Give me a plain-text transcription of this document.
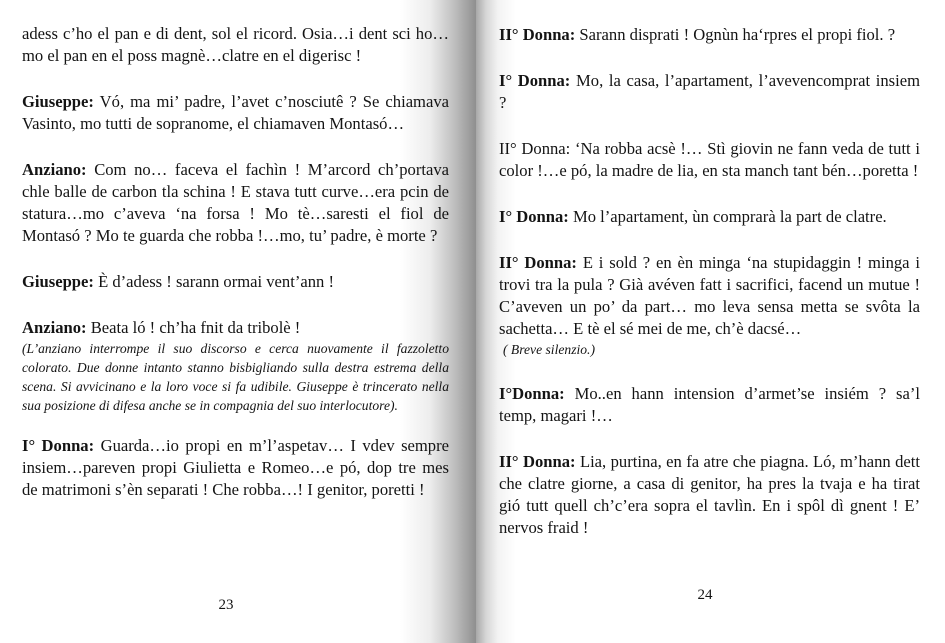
adess c’ho el pan e di dent, sol el ricord. Osia…i dent sci ho…mo el pan en el poss magnè…clatre en el digerisc !

Giuseppe: Vó, ma mi’ padre, l’avet c’nosciutê ? Se chiamava Vasinto, mo tutti de sopranome, el chiamaven Montasó…

Anziano: Com no… faceva el fachìn ! M’arcord ch’portava chle balle de carbon tla schina ! E stava tutt curve…era pcin de statura…mo c’aveva ‘na forsa ! Mo tè…saresti el fiol de Montasó ? Mo te guarda che robba !…mo, tu’ padre, è morte ?

Giuseppe: È d’adess ! sarann ormai vent’ann !

Anziano: Beata ló ! ch’ha fnit da tribolè !

(L’anziano interrompe il suo discorso e cerca nuovamente il fazzoletto colorato. Due donne intanto stanno bisbigliando sulla destra estrema della scena. Si avvicinano e la loro voce si fa udibile. Giuseppe è trincerato nella sua posizione di difesa anche se in compagnia del suo interlocutore).

I° Donna: Guarda…io propi en m’l’aspetav… I vdev sempre insiem…pareven propi Giulietta e Romeo…e pó, dop tre mes de matrimoni s’èn separati ! Che robba…! I genitor, poretti !

23

II° Donna: Sarann disprati ! Ognùn ha‘rpres el propi fiol. ?

I° Donna: Mo, la casa, l’apartament, l’avevencomprat insiem ?

II° Donna: ‘Na robba acsè !… Stì giovin ne fann veda de tutt i color !…e pó, la madre de lia, en sta manch tant bén…poretta !

I° Donna: Mo l’apartament, ùn comprarà la part de clatre.

II° Donna: E i sold ? en èn minga ‘na stupidaggin ! minga i trovi tra la pula ? Già avéven fatt i sacrifici, facend un mutue ! C’aveven un po’ da part… mo leva sensa metta se svôta la sachetta… E tè el sé mei de me, ch’è dacsé…

( Breve silenzio.)

I°Donna: Mo..en hann intension d’armet’se insiém ? sa’l temp, magari !…

II° Donna: Lia, purtina, en fa atre che piagna. Ló, m’hann dett che clatre giorne, a casa di genitor, ha pres la tvaja e ha tirat gió tutt quell ch’c’era sopra el tavlìn. En i spôl dì gnent ! E’ nervos fraid !

24
